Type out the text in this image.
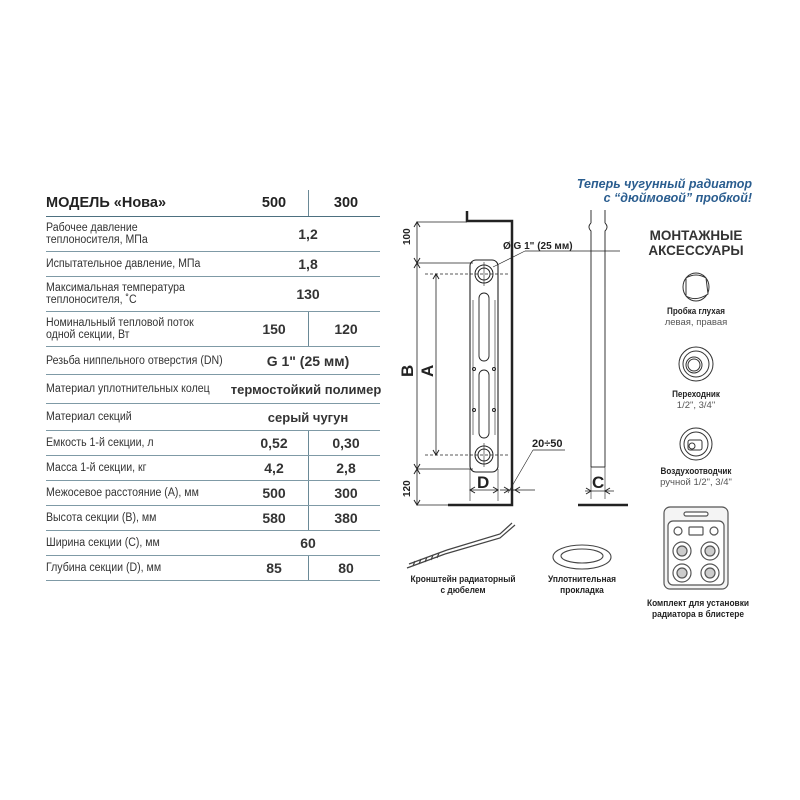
МОДЕЛЬ «Нова»	500	300
Рабочее давление
теплоносителя, МПа	1,2
Испытательное давление, МПа	1,8
Максимальная температура
теплоносителя, ˚С	130
Номинальный тепловой поток
одной секции, Вт	150	120
Резьба ниппельного отверстия (DN)	G 1" (25 мм)
Материал уплотнительных колец	термостойкий полимер
Материал секций	серый чугун
Емкость 1-й секции, л	0,52	0,30
Масса 1-й секции, кг	4,2	2,8
Межосевое расстояние (A), мм	500	300
Высота секции (B), мм	580	380
Ширина секции (C), мм	60
Глубина секции (D), мм	85	80
Теперь чугунный радиатор
с “дюймовой” пробкой!
Ø G 1" (25 мм)
100
120
B A
D	C
20÷50
МОНТАЖНЫЕ
АКСЕССУАРЫ
Пробка глухая
левая, правая
Переходник
1/2", 3/4"
Воздухоотводчик
ручной 1/2", 3/4"
Комплект для установки
радиатора в блистере
Кронштейн радиаторный
с дюбелем
Уплотнительная
прокладка
